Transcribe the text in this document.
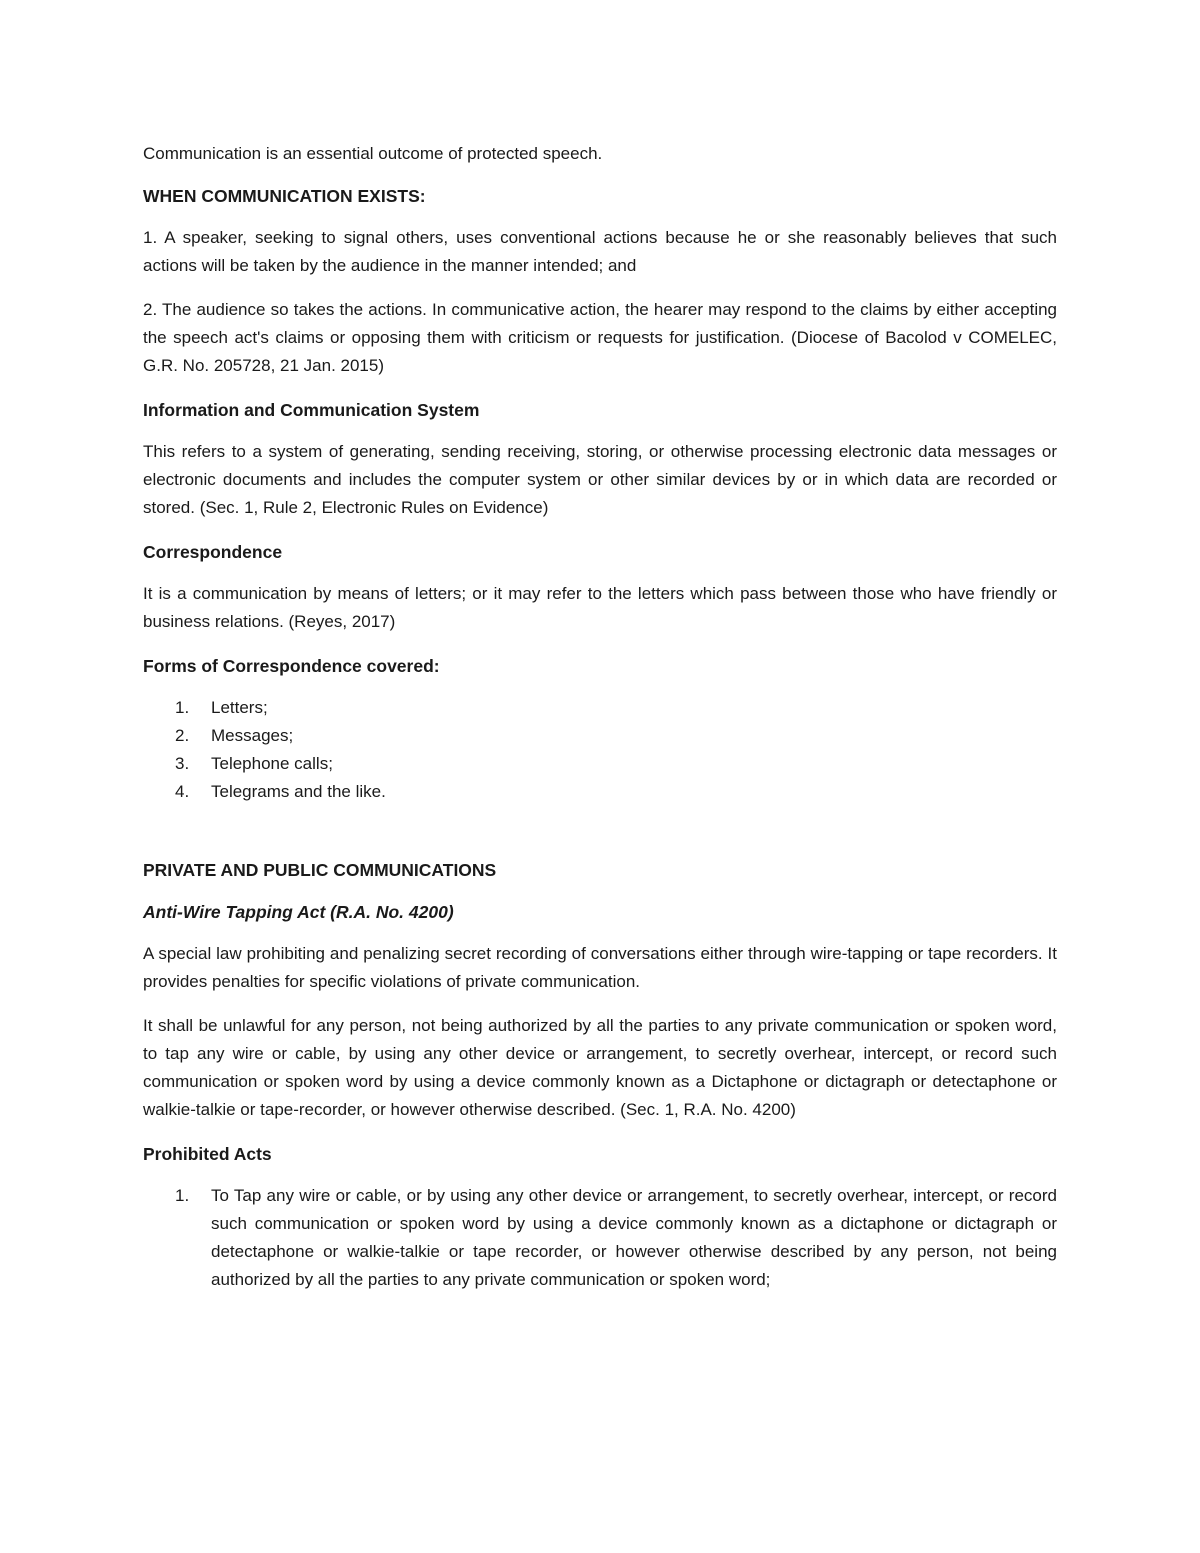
Communication is an essential outcome of protected speech.

WHEN COMMUNICATION EXISTS:

1. A speaker, seeking to signal others, uses conventional actions because he or she reasonably believes that such actions will be taken by the audience in the manner intended; and

2. The audience so takes the actions. In communicative action, the hearer may respond to the claims by either accepting the speech act's claims or opposing them with criticism or requests for justification. (Diocese of Bacolod v COMELEC, G.R. No. 205728, 21 Jan. 2015)

Information and Communication System

This refers to a system of generating, sending receiving, storing, or otherwise processing electronic data messages or electronic documents and includes the computer system or other similar devices by or in which data are recorded or stored. (Sec. 1, Rule 2, Electronic Rules on Evidence)

Correspondence

It is a communication by means of letters; or it may refer to the letters which pass between those who have friendly or business relations. (Reyes, 2017)

Forms of Correspondence covered:
1. Letters;
2. Messages;
3. Telephone calls;
4. Telegrams and the like.
PRIVATE AND PUBLIC COMMUNICATIONS
Anti-Wire Tapping Act (R.A. No. 4200)

A special law prohibiting and penalizing secret recording of conversations either through wire-tapping or tape recorders. It provides penalties for specific violations of private communication.

It shall be unlawful for any person, not being authorized by all the parties to any private communication or spoken word, to tap any wire or cable, by using any other device or arrangement, to secretly overhear, intercept, or record such communication or spoken word by using a device commonly known as a Dictaphone or dictagraph or detectaphone or walkie-talkie or tape-recorder, or however otherwise described. (Sec. 1, R.A. No. 4200)

Prohibited Acts
1. To Tap any wire or cable, or by using any other device or arrangement, to secretly overhear, intercept, or record such communication or spoken word by using a device commonly known as a dictaphone or dictagraph or detectaphone or walkie-talkie or tape recorder, or however otherwise described by any person, not being authorized by all the parties to any private communication or spoken word;
